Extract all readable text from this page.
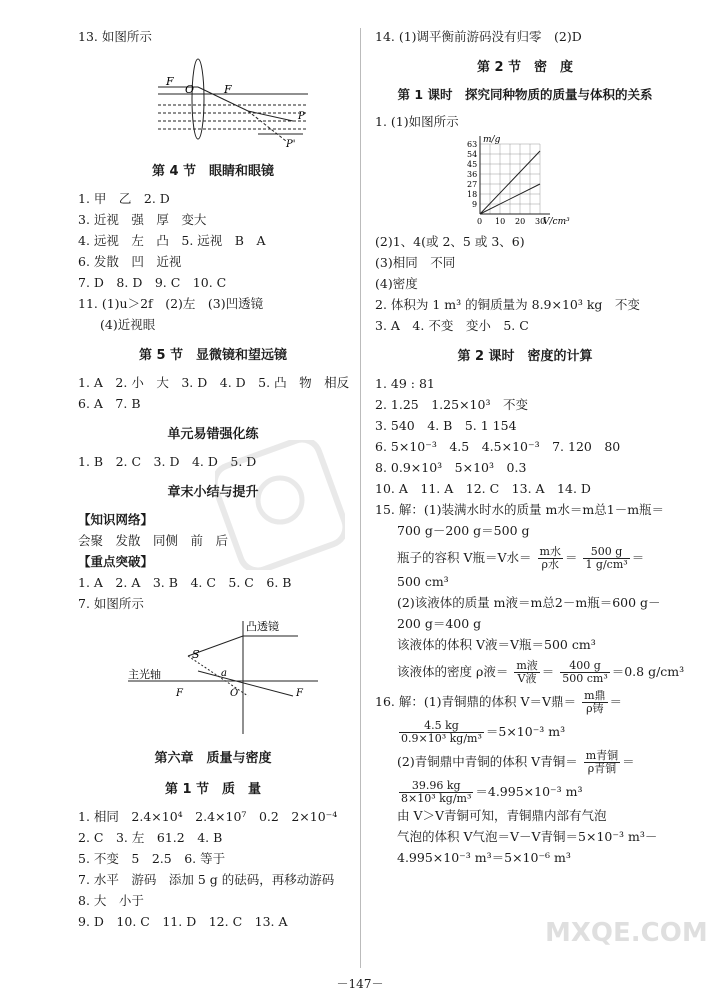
13. 如图所示
F
O	F
P
P'
第 4 节　眼睛和眼镜
1. 甲　乙　2. D
3. 近视　强　厚　变大
4. 远视　左　凸　5. 远视　B　A
6. 发散　凹　近视
7. D　8. D　9. C　10. C
11. (1)u＞2f　(2)左　(3)凹透镜
(4)近视眼
第 5 节　显微镜和望远镜
1. A　2. 小　大　3. D　4. D　5. 凸　物　相反
6. A　7. B
单元易错强化练
1. B　2. C　3. D　4. D　5. D
章末小结与提升
【知识网络】
会聚　发散　同侧　前　后
【重点突破】
1. A　2. A　3. B　4. C　5. C　6. B
7. 如图所示
凸透镜
主光轴
S
a
F	O	F
第六章　质量与密度
第 1 节　质　量
1. 相同　2.4×10⁴　2.4×10⁷　0.2　2×10⁻⁴
2. C　3. 左　61.2　4. B
5. 不变　5　2.5　6. 等于
7. 水平　游码　添加 5 g 的砝码，再移动游码
8. 大　小于
9. D　10. C　11. D　12. C　13. A
14. (1)调平衡前游码没有归零　(2)D
第 2 节　密　度
第 1 课时　探究同种物质的质量与体积的关系
1. (1)如图所示
m/g
V/cm³
63
54
45
36
27
18
9
0 10 20 30
(2)1、4(或 2、5 或 3、6)
(3)相同　不同
(4)密度
2. 体积为 1 m³ 的铜质量为 8.9×10³ kg　不变
3. A　4. 不变　变小　5. C
第 2 课时　密度的计算
1. 49 : 81
2. 1.25　1.25×10³　不变
3. 540　4. B　5. 1 154
6. 5×10⁻³　4.5　4.5×10⁻³　7. 120　80
8. 0.9×10³　5×10³　0.3
10. A　11. A　12. C　13. A　14. D
15. 解：(1)装满水时水的质量 m水＝m总1－m瓶＝
700 g－200 g＝500 g
瓶子的容积 V瓶＝V水＝ $\frac{\text{m水}}{\text{ρ水}} = \frac{500 g}{\text{1 g/cm³}}$ ＝
500 cm³
(2)该液体的质量 m液＝m总2－m瓶＝600 g－
200 g＝400 g
该液体的体积 V液＝V瓶＝500 cm³
该液体的密度 ρ液＝ $\frac{\text{m液}}{\text{V液}} = \frac{400 g}{\text{500 cm³}} =0.8$ g/cm³
16. 解：(1)青铜鼎的体积 V＝V鼎＝ $\frac{\text{m鼎}}{\text{ρ铸}}$ ＝
$\frac{4.5 kg}{\text{0.9×10³ kg/m³}} =5\times 10^{-3}$ m³
(2)青铜鼎中青铜的体积 V青铜＝ $\frac{\text{m青铜}}{\text{ρ青铜}}$ ＝
$\frac{39.96 kg}{\text{8×10³ kg/m³}} =4.995\times 10^{-3}$ m³
由 V＞V青铜可知，青铜鼎内部有气泡
气泡的体积 V气泡＝V－V青铜＝5×10⁻³ m³－
4.995×10⁻³ m³＝5×10⁻⁶ m³
－147－
MXQE.COM
